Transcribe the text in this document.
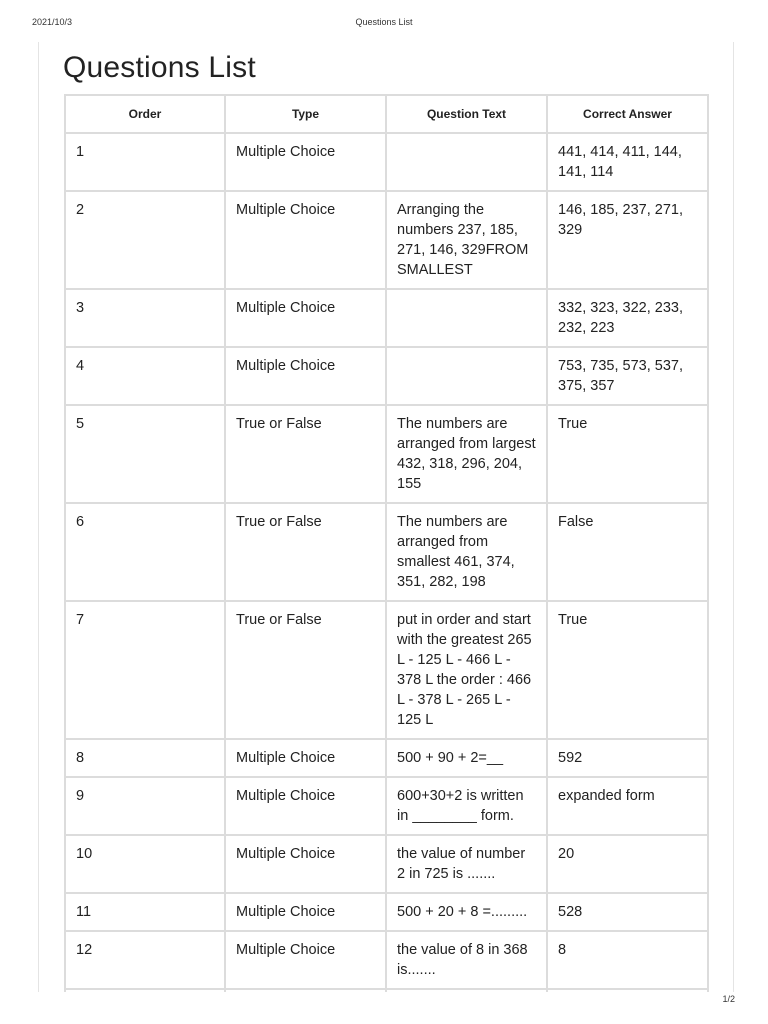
2021/10/3	Questions List
Questions List
Order	Type	Question Text	Correct Answer
1	Multiple Choice		441, 414, 411, 144, 141, 114
2	Multiple Choice	Arranging the numbers 237, 185, 271, 146, 329FROM SMALLEST	146, 185, 237, 271, 329
3	Multiple Choice		332, 323, 322, 233, 232, 223
4	Multiple Choice		753, 735, 573, 537, 375, 357
5	True or False	The numbers are arranged from largest 432, 318, 296, 204, 155	True
6	True or False	The numbers are arranged from smallest 461, 374, 351, 282, 198	False
7	True or False	put in order and start with the greatest 265 L - 125 L - 466 L - 378 L the order : 466 L - 378 L - 265 L - 125 L	True
8	Multiple Choice	500 + 90 + 2=__	592
9	Multiple Choice	600+30+2 is written in ________ form.	expanded form
10	Multiple Choice	the value of number 2 in 725 is .......	20
11	Multiple Choice	500 + 20 + 8 =.........	528
12	Multiple Choice	the value of 8 in 368 is.......	8

1/2
